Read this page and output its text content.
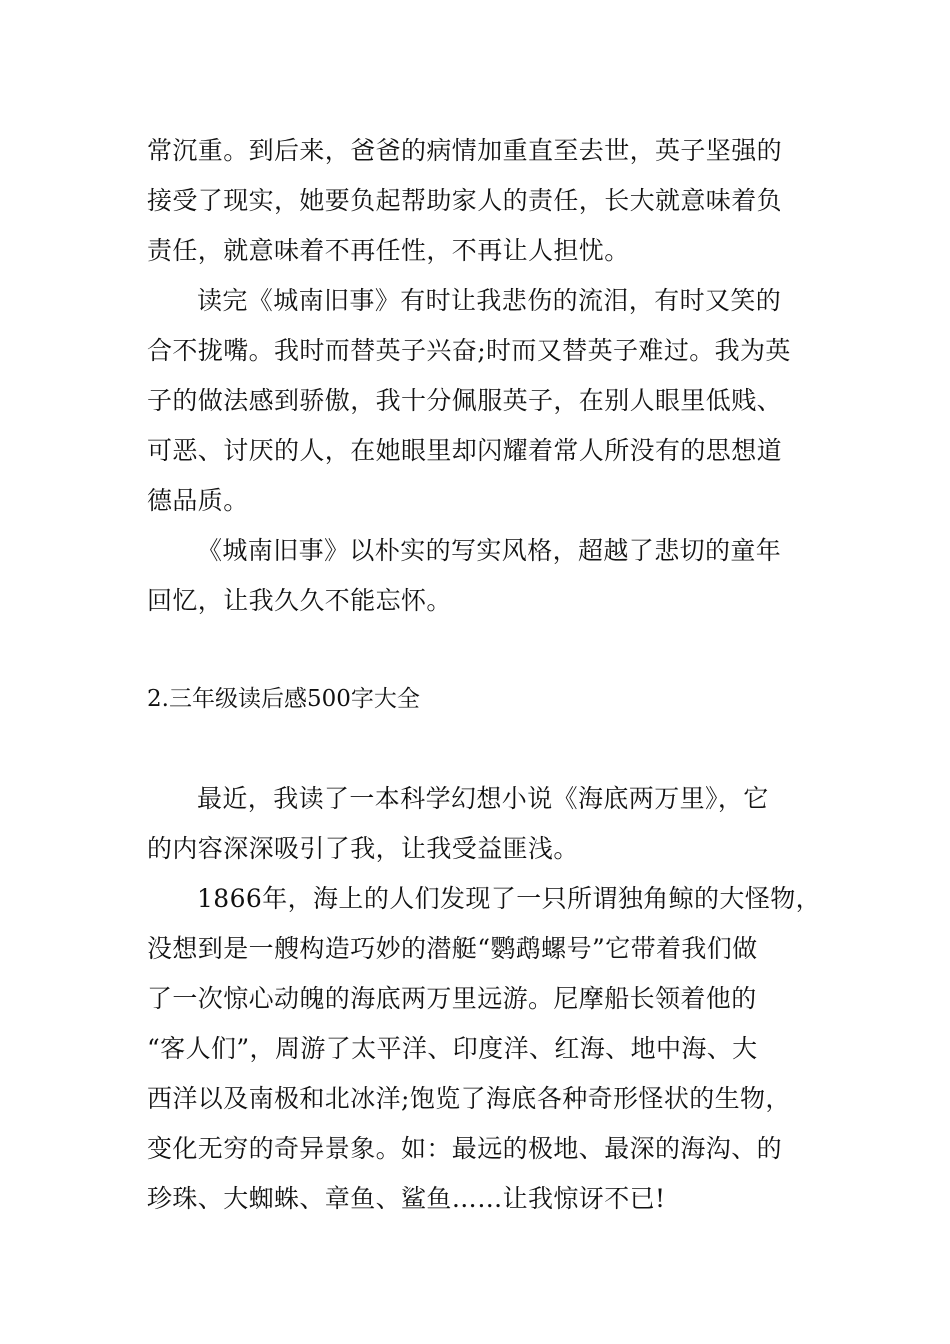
常沉重。到后来，爸爸的病情加重直至去世，英子坚强的
接受了现实，她要负起帮助家人的责任，长大就意味着负
责任，就意味着不再任性，不再让人担忧。
读完《城南旧事》有时让我悲伤的流泪，有时又笑的
合不拢嘴。我时而替英子兴奋;时而又替英子难过。我为英
子的做法感到骄傲，我十分佩服英子，在别人眼里低贱、
可恶、讨厌的人，在她眼里却闪耀着常人所没有的思想道
德品质。
《城南旧事》以朴实的写实风格，超越了悲切的童年
回忆，让我久久不能忘怀。
2.三年级读后感500字大全
最近，我读了一本科学幻想小说《海底两万里》，它
的内容深深吸引了我，让我受益匪浅。
1866年，海上的人们发现了一只所谓独角鲸的大怪物，
没想到是一艘构造巧妙的潜艇“鹦鹉螺号”它带着我们做
了一次惊心动魄的海底两万里远游。尼摩船长领着他的
“客人们”，周游了太平洋、印度洋、红海、地中海、大
西洋以及南极和北冰洋;饱览了海底各种奇形怪状的生物，
变化无穷的奇异景象。如：最远的极地、最深的海沟、的
珍珠、大蜘蛛、章鱼、鲨鱼……让我惊讶不已!
